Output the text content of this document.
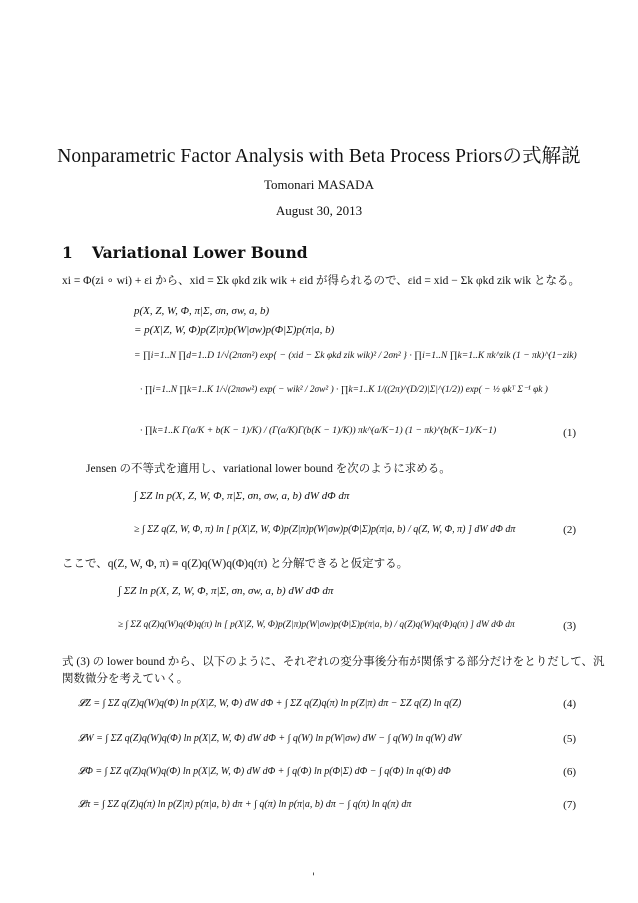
Nonparametric Factor Analysis with Beta Process Priorsの式解説
Tomonari MASADA
August 30, 2013
1 Variational Lower Bound
xi = Φ(zi ∘ wi) + εi から、xid = Σk φkd zik wik + εid が得られるので、εid = xid − Σk φkd zik wik となる。
p(X, Z, W, Φ, π|Σ, σn, σw, a, b)
= p(X|Z, W, Φ)p(Z|π)p(W|σw)p(Φ|Σ)p(π|a, b)
= ∏i=1..N ∏d=1..D 1/√(2πσn²) exp{ − (xid − Σk φkd zik wik)² / 2σn² } · ∏i=1..N ∏k=1..K πk^zik (1 − πk)^(1−zik)
· ∏i=1..N ∏k=1..K 1/√(2πσw²) exp( − wik² / 2σw² ) · ∏k=1..K 1/((2π)^(D/2)|Σ|^(1/2)) exp( − ½ φkᵀ Σ⁻¹ φk )
· ∏k=1..K Γ(a/K + b(K − 1)/K) / (Γ(a/K)Γ(b(K − 1)/K)) πk^(a/K−1) (1 − πk)^(b(K−1)/K−1)	(1)
Jensen の不等式を適用し、variational lower bound を次のように求める。
∫ ΣZ ln p(X, Z, W, Φ, π|Σ, σn, σw, a, b) dW dΦ dπ
≥ ∫ ΣZ q(Z, W, Φ, π) ln [ p(X|Z, W, Φ)p(Z|π)p(W|σw)p(Φ|Σ)p(π|a, b) / q(Z, W, Φ, π) ] dW dΦ dπ	(2)
ここで、q(Z, W, Φ, π) ≡ q(Z)q(W)q(Φ)q(π) と分解できると仮定する。
∫ ΣZ ln p(X, Z, W, Φ, π|Σ, σn, σw, a, b) dW dΦ dπ
≥ ∫ ΣZ q(Z)q(W)q(Φ)q(π) ln [ p(X|Z, W, Φ)p(Z|π)p(W|σw)p(Φ|Σ)p(π|a, b) / q(Z)q(W)q(Φ)q(π) ] dW dΦ dπ	(3)
式 (3) の lower bound から、以下のように、それぞれの変分事後分布が関係する部分だけをとりだして、汎
関数微分を考えていく。
𝓛Z = ∫ ΣZ q(Z)q(W)q(Φ) ln p(X|Z, W, Φ) dW dΦ + ∫ ΣZ q(Z)q(π) ln p(Z|π) dπ − ΣZ q(Z) ln q(Z)	(4)
𝓛W = ∫ ΣZ q(Z)q(W)q(Φ) ln p(X|Z, W, Φ) dW dΦ + ∫ q(W) ln p(W|σw) dW − ∫ q(W) ln q(W) dW	(5)
𝓛Φ = ∫ ΣZ q(Z)q(W)q(Φ) ln p(X|Z, W, Φ) dW dΦ + ∫ q(Φ) ln p(Φ|Σ) dΦ − ∫ q(Φ) ln q(Φ) dΦ	(6)
𝓛π = ∫ ΣZ q(Z)q(π) ln p(Z|π) p(π|a, b) dπ + ∫ q(π) ln p(π|a, b) dπ − ∫ q(π) ln q(π) dπ	(7)
'
